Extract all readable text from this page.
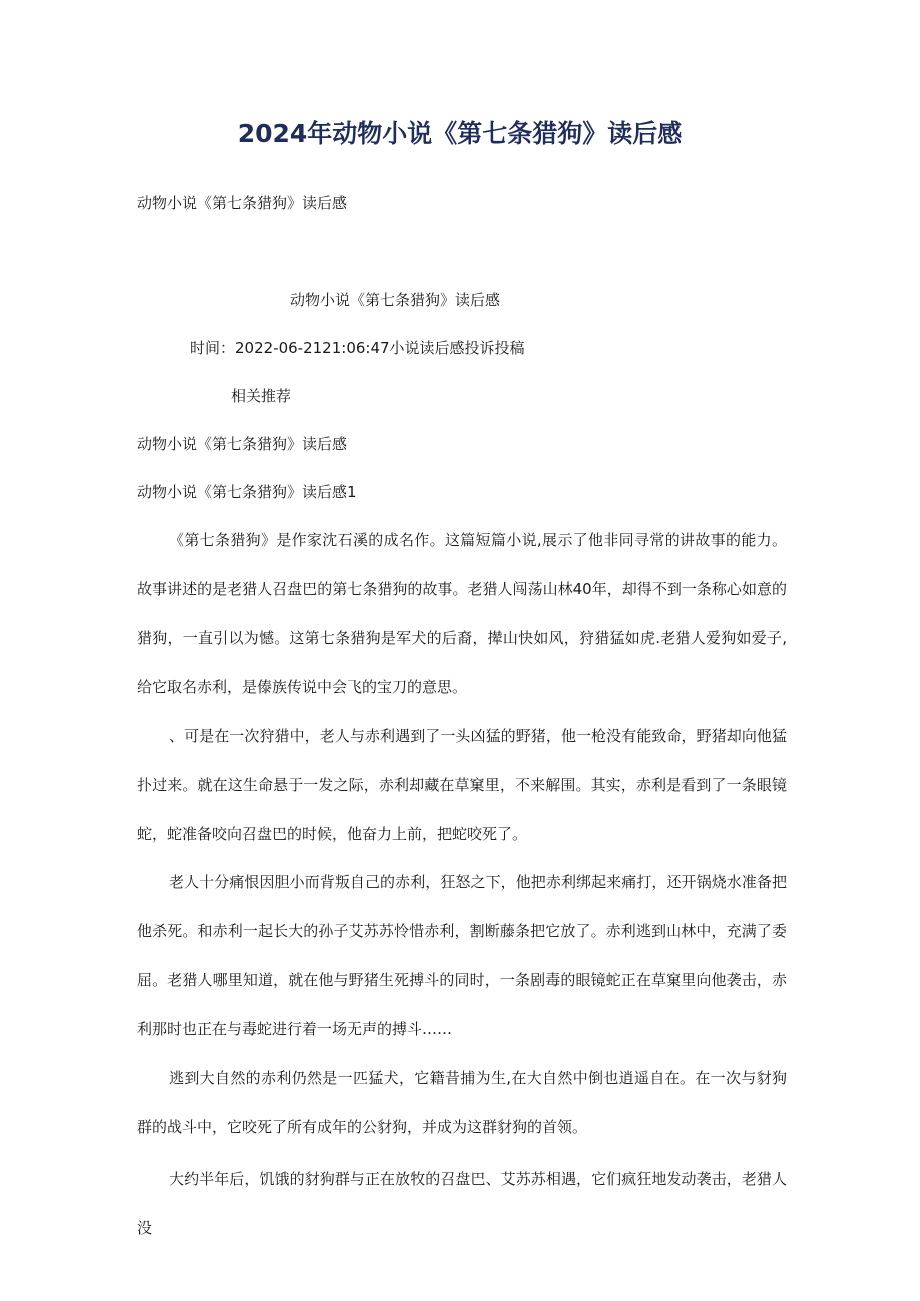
2024年动物小说《第七条猎狗》读后感
动物小说《第七条猎狗》读后感
动物小说《第七条猎狗》读后感
时间：2022-06-2121:06:47小说读后感投诉投稿
相关推荐
动物小说《第七条猎狗》读后感
动物小说《第七条猎狗》读后感1

《第七条猎狗》是作家沈石溪的成名作。这篇短篇小说,展示了他非同寻常的讲故事的能力。故事讲述的是老猎人召盘巴的第七条猎狗的故事。老猎人闯荡山林40年，却得不到一条称心如意的猎狗，一直引以为憾。这第七条猎狗是军犬的后裔，撵山快如风，狩猎猛如虎.老猎人爱狗如爱子,给它取名赤利，是傣族传说中会飞的宝刀的意思。

、可是在一次狩猎中，老人与赤利遇到了一头凶猛的野猪，他一枪没有能致命，野猪却向他猛扑过来。就在这生命悬于一发之际，赤利却藏在草窠里，不来解围。其实，赤利是看到了一条眼镜蛇，蛇准备咬向召盘巴的时候，他奋力上前，把蛇咬死了。

老人十分痛恨因胆小而背叛自己的赤利，狂怒之下，他把赤利绑起来痛打，还开锅烧水准备把他杀死。和赤利一起长大的孙子艾苏苏怜惜赤利，割断藤条把它放了。赤利逃到山林中，充满了委屈。老猎人哪里知道，就在他与野猪生死搏斗的同时，一条剧毒的眼镜蛇正在草窠里向他袭击，赤利那时也正在与毒蛇进行着一场无声的搏斗……

逃到大自然的赤利仍然是一匹猛犬，它籍昔捕为生,在大自然中倒也逍遥自在。在一次与豺狗群的战斗中，它咬死了所有成年的公豺狗，并成为这群豺狗的首领。

大约半年后，饥饿的豺狗群与正在放牧的召盘巴、艾苏苏相遇，它们疯狂地发动袭击，老猎人没
